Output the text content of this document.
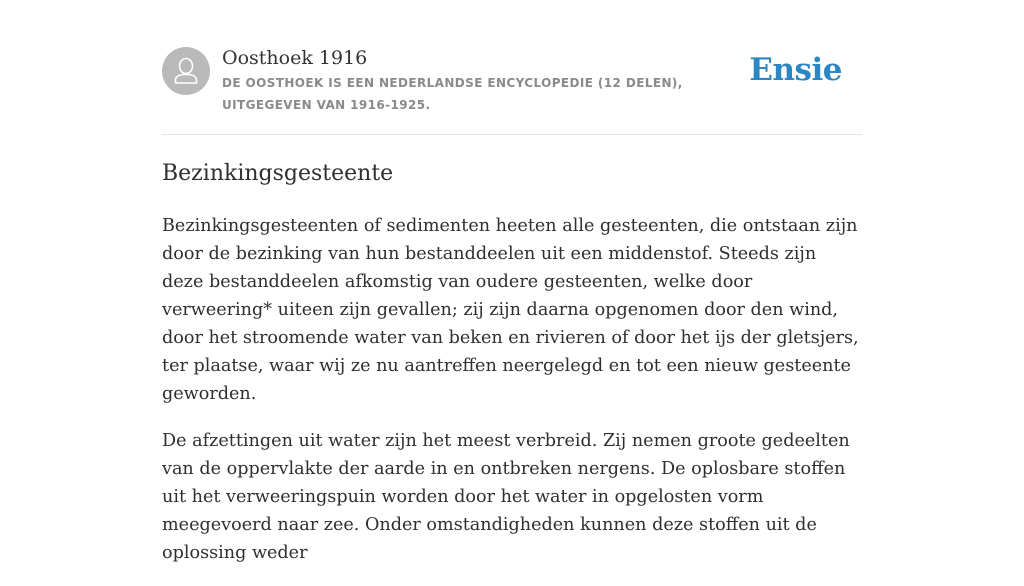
Oosthoek 1916
DE OOSTHOEK IS EEN NEDERLANDSE ENCYCLOPEDIE (12 DELEN), UITGEGEVEN VAN 1916-1925.
Ensie
Bezinkingsgesteente

Bezinkingsgesteenten of sedimenten heeten alle gesteenten, die ontstaan zijn door de bezinking van hun bestanddeelen uit een middenstof. Steeds zijn deze bestanddeelen afkomstig van oudere gesteenten, welke door verweering* uiteen zijn gevallen; zij zijn daarna opgenomen door den wind, door het stroomende water van beken en rivieren of door het ijs der gletsjers, ter plaatse, waar wij ze nu aantreffen neergelegd en tot een nieuw gesteente geworden.

De afzettingen uit water zijn het meest verbreid. Zij nemen groote gedeelten van de oppervlakte der aarde in en ontbreken nergens. De oplosbare stoffen uit het verweeringspuin worden door het water in opgelosten vorm meegevoerd naar zee. Onder omstandigheden kunnen deze stoffen uit de oplossing weder
